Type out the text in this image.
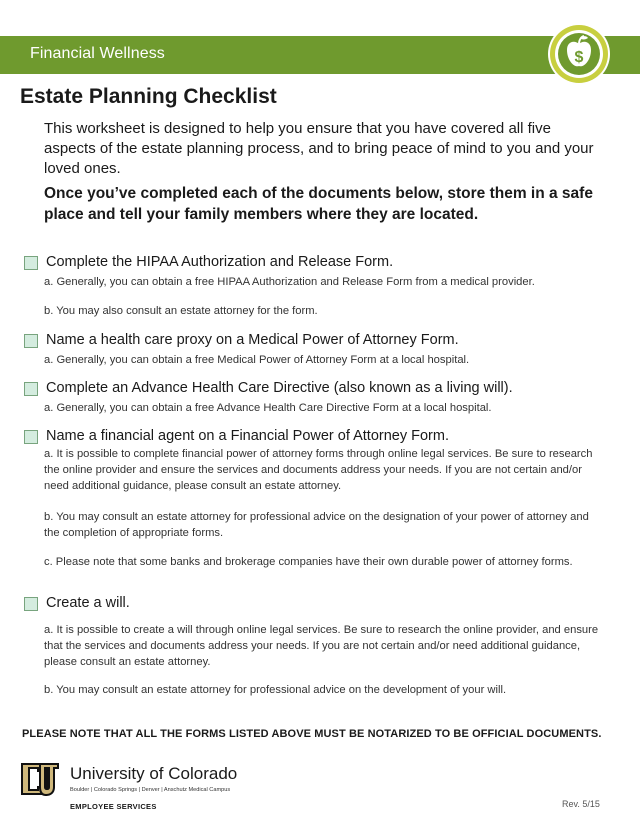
Financial Wellness	$
Estate Planning Checklist

This worksheet is designed to help you ensure that you have covered all five aspects of the estate planning process, and to bring peace of mind to you and your loved ones.

Once you’ve completed each of the documents below, store them in a safe place and tell your family members where they are located.

Complete the HIPAA Authorization and Release Form.

a. Generally, you can obtain a free HIPAA Authorization and Release Form from a medical provider.

b. You may also consult an estate attorney for the form.

Name a health care proxy on a Medical Power of Attorney Form.

a. Generally, you can obtain a free Medical Power of Attorney Form at a local hospital.

Complete an Advance Health Care Directive (also known as a living will).

a. Generally, you can obtain a free Advance Health Care Directive Form at a local hospital.

Name a financial agent on a Financial Power of Attorney Form.

a. It is possible to complete financial power of attorney forms through online legal services. Be sure to research the online provider and ensure the services and documents address your needs. If you are not certain and/or need additional guidance, please consult an estate attorney.

b. You may consult an estate attorney for professional advice on the designation of your power of attorney and the completion of appropriate forms.

c. Please note that some banks and brokerage companies have their own durable power of attorney forms.

Create a will.

a. It is possible to create a will through online legal services. Be sure to research the online provider, and ensure that the services and documents address your needs. If you are not certain and/or need additional guidance, please consult an estate attorney.

b. You may consult an estate attorney for professional advice on the development of your will.

PLEASE NOTE THAT ALL THE FORMS LISTED ABOVE MUST BE NOTARIZED TO BE OFFICIAL DOCUMENTS.
University of Colorado
Boulder | Colorado Springs | Denver | Anschutz Medical Campus
EMPLOYEE SERVICES	Rev. 5/15
